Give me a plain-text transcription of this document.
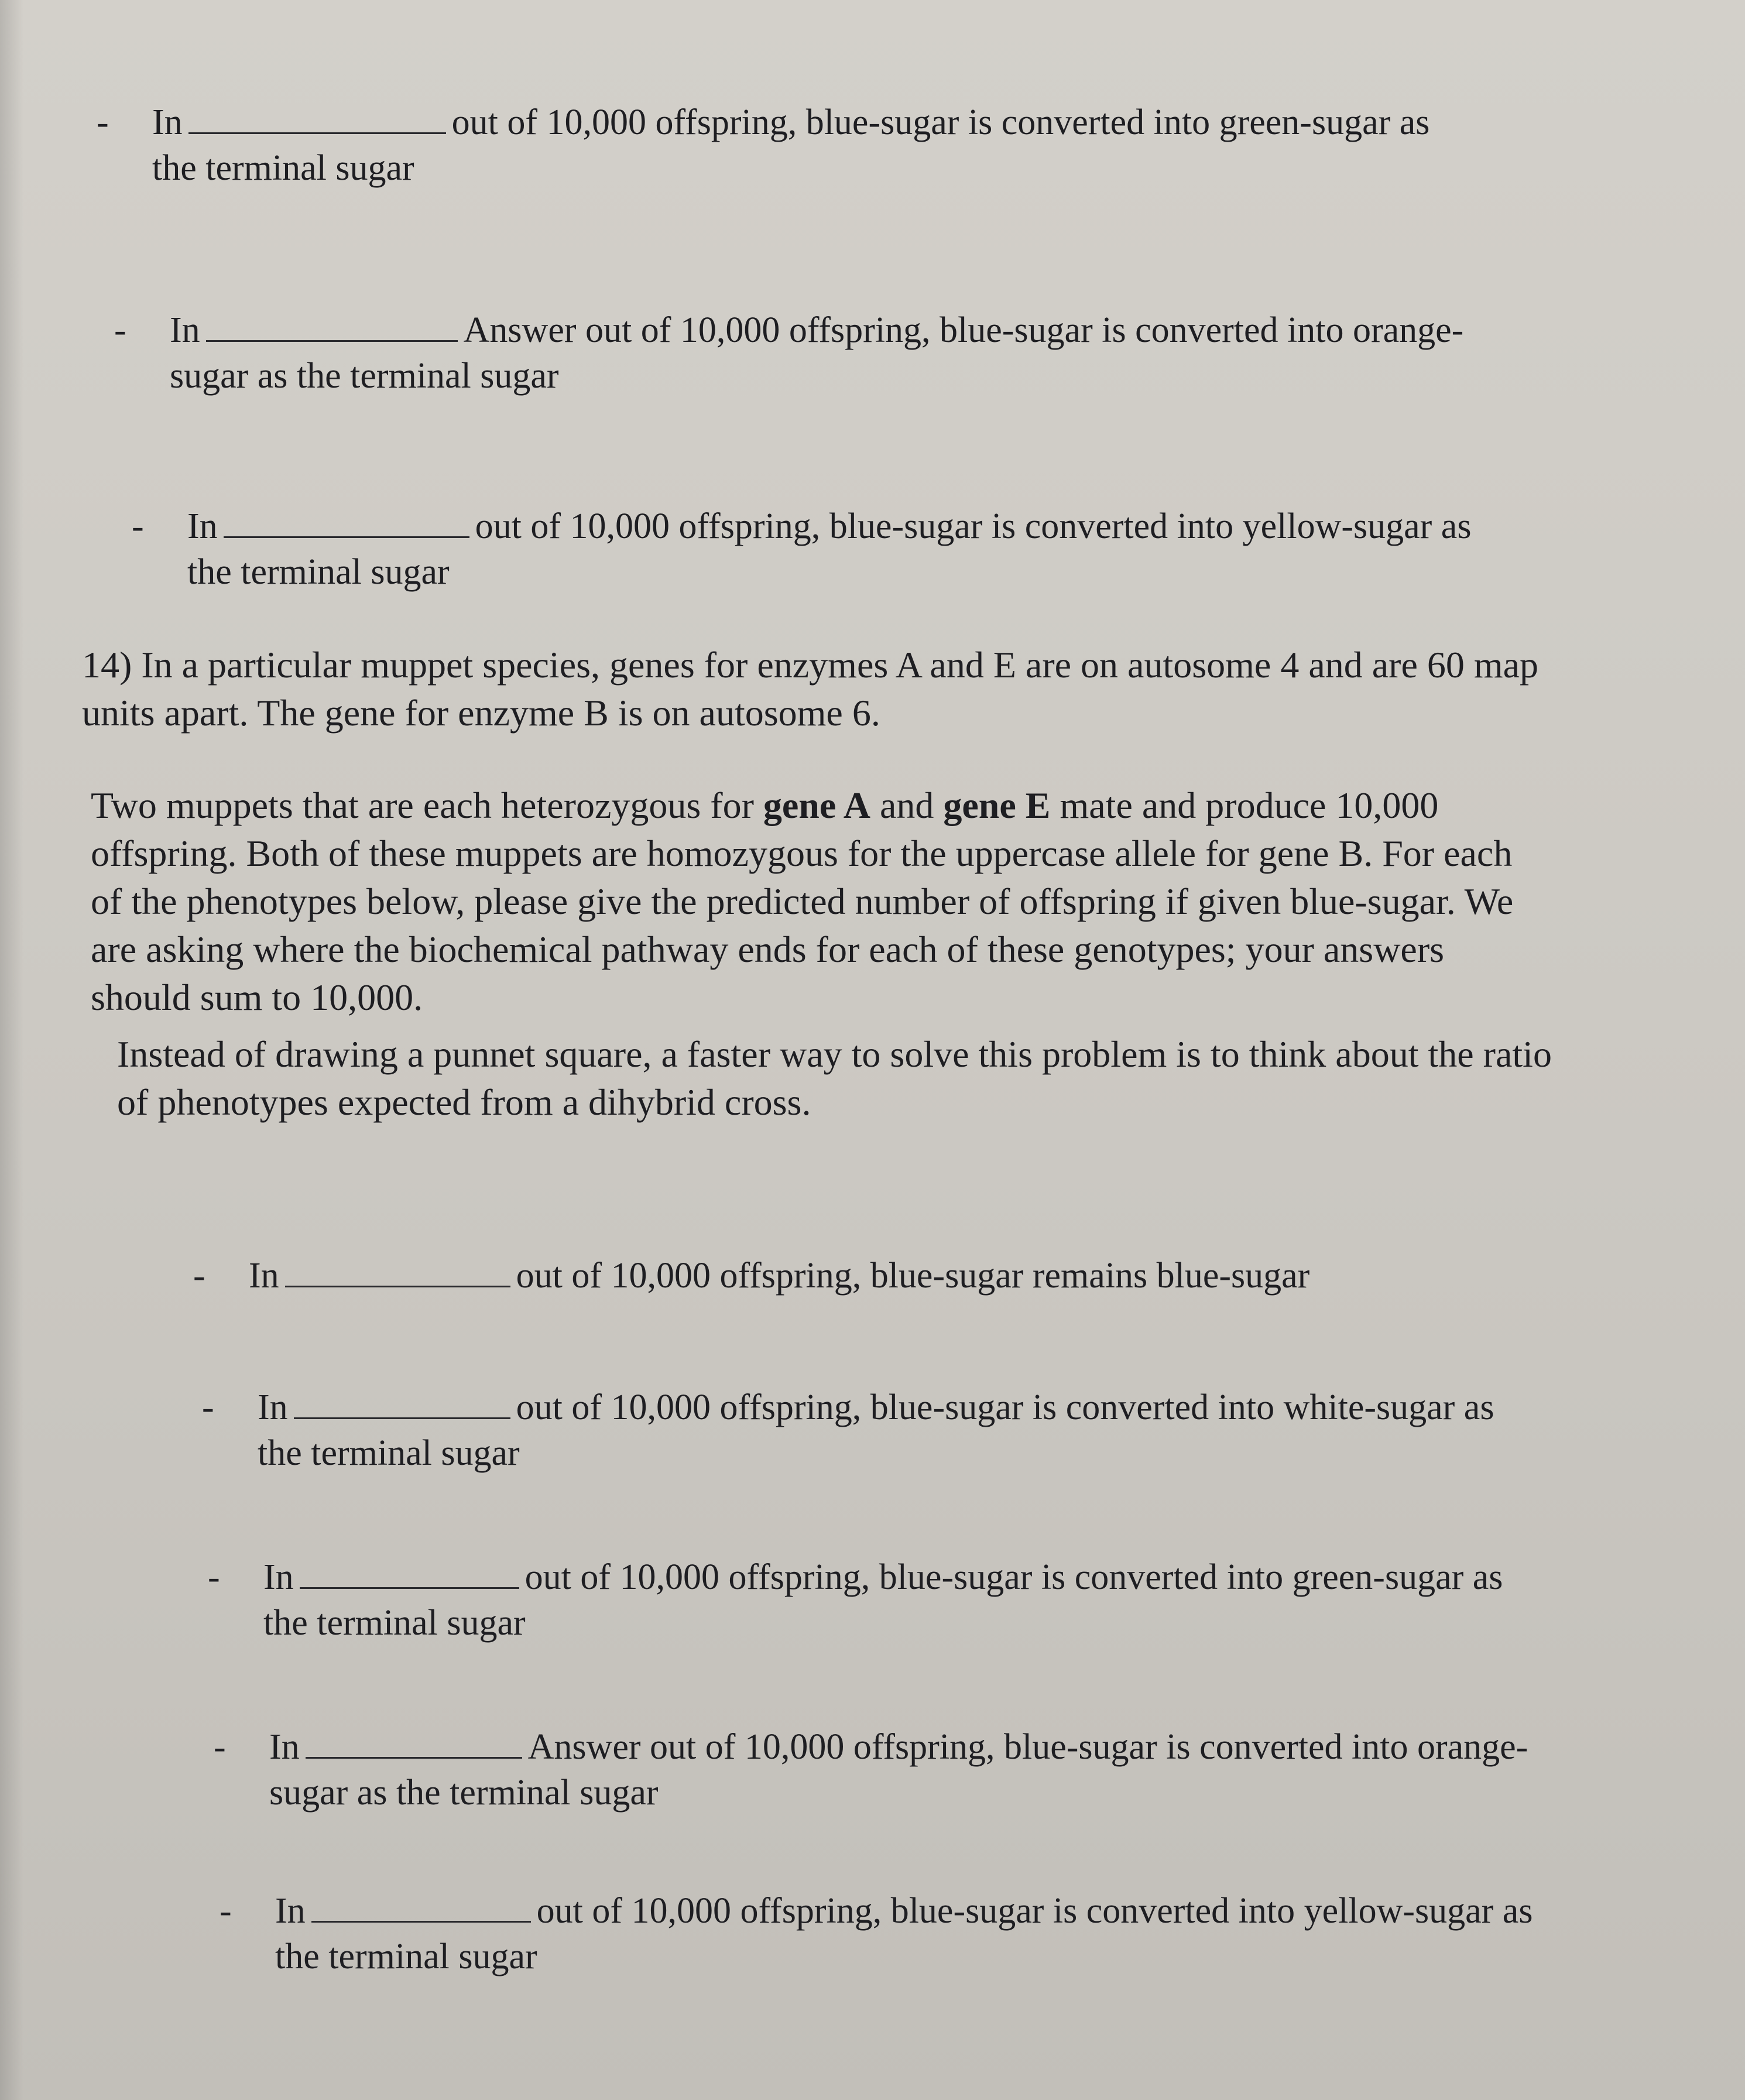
- In	out of 10,000 offspring, blue-sugar is converted into green-sugar as
the terminal sugar
- In	Answer out of 10,000 offspring, blue-sugar is converted into orange-
sugar as the terminal sugar
- In	out of 10,000 offspring, blue-sugar is converted into yellow-sugar as
the terminal sugar
14) In a particular muppet species, genes for enzymes A and E are on autosome 4 and are 60 map
units apart. The gene for enzyme B is on autosome 6.
Two muppets that are each heterozygous for gene A and gene E mate and produce 10,000
offspring. Both of these muppets are homozygous for the uppercase allele for gene B. For each
of the phenotypes below, please give the predicted number of offspring if given blue-sugar. We
are asking where the biochemical pathway ends for each of these genotypes; your answers
should sum to 10,000.
Instead of drawing a punnet square, a faster way to solve this problem is to think about the ratio
of phenotypes expected from a dihybrid cross.
- In	out of 10,000 offspring, blue-sugar remains blue-sugar
- In	out of 10,000 offspring, blue-sugar is converted into white-sugar as
the terminal sugar
- In	out of 10,000 offspring, blue-sugar is converted into green-sugar as
the terminal sugar
- In	Answer out of 10,000 offspring, blue-sugar is converted into orange-
sugar as the terminal sugar
- In	out of 10,000 offspring, blue-sugar is converted into yellow-sugar as
the terminal sugar
